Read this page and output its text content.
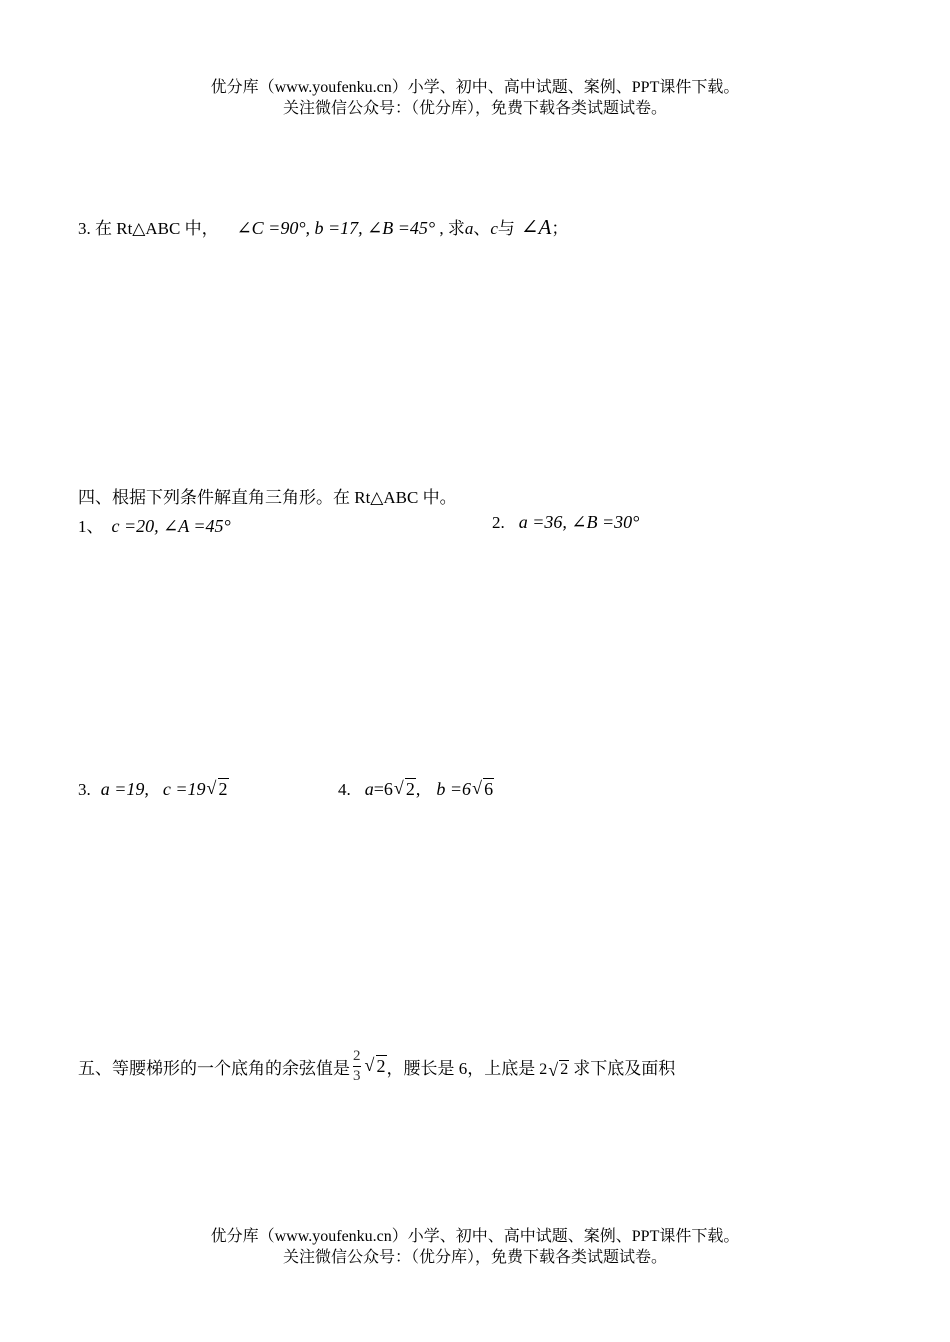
优分库（www.youfenku.cn）小学、初中、高中试题、案例、PPT课件下载。
关注微信公众号：（优分库），免费下载各类试题试卷。
3. 在 Rt△ABC 中， ∠C =90°, b =17, ∠B =45° , 求a、c与 ∠A；
四、根据下列条件解直角三角形。在 Rt△ABC 中。
1、 c =20, ∠A =45°	2. a =36, ∠B =30°
3. a =19, c =19 √ 2	4. a=6 √ 2, b =6 √ 6
五、等腰梯形的一个底角的余弦值是 $\frac{2}{3}$ √ 2，腰长是 6，上底是 2 √ 2 求下底及面积
优分库（www.youfenku.cn）小学、初中、高中试题、案例、PPT课件下载。
关注微信公众号：（优分库），免费下载各类试题试卷。
